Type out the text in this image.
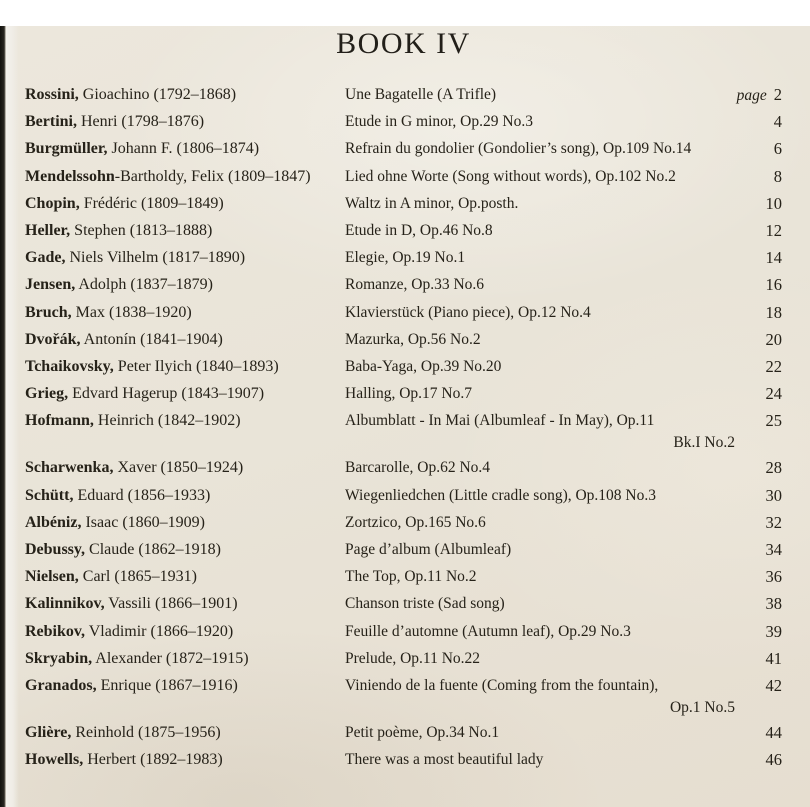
BOOK IV
Rossini, Gioachino (1792–1868)	Une Bagatelle (A Trifle)	page 2
Bertini, Henri (1798–1876)	Etude in G minor, Op.29 No.3	4
Burgmüller, Johann F. (1806–1874)	Refrain du gondolier (Gondolier’s song), Op.109 No.14	6
Mendelssohn-Bartholdy, Felix (1809–1847)	Lied ohne Worte (Song without words), Op.102 No.2	8
Chopin, Frédéric (1809–1849)	Waltz in A minor, Op.posth.	10
Heller, Stephen (1813–1888)	Etude in D, Op.46 No.8	12
Gade, Niels Vilhelm (1817–1890)	Elegie, Op.19 No.1	14
Jensen, Adolph (1837–1879)	Romanze, Op.33 No.6	16
Bruch, Max (1838–1920)	Klavierstück (Piano piece), Op.12 No.4	18
Dvořák, Antonín (1841–1904)	Mazurka, Op.56 No.2	20
Tchaikovsky, Peter Ilyich (1840–1893)	Baba-Yaga, Op.39 No.20	22
Grieg, Edvard Hagerup (1843–1907)	Halling, Op.17 No.7	24
Hofmann, Heinrich (1842–1902)	Albumblatt - In Mai (Albumleaf - In May), Op.11	25
Bk.I No.2
Scharwenka, Xaver (1850–1924)	Barcarolle, Op.62 No.4	28
Schütt, Eduard (1856–1933)	Wiegenliedchen (Little cradle song), Op.108 No.3	30
Albéniz, Isaac (1860–1909)	Zortzico, Op.165 No.6	32
Debussy, Claude (1862–1918)	Page d’album (Albumleaf)	34
Nielsen, Carl (1865–1931)	The Top, Op.11 No.2	36
Kalinnikov, Vassili (1866–1901)	Chanson triste (Sad song)	38
Rebikov, Vladimir (1866–1920)	Feuille d’automne (Autumn leaf), Op.29 No.3	39
Skryabin, Alexander (1872–1915)	Prelude, Op.11 No.22	41
Granados, Enrique (1867–1916)	Viniendo de la fuente (Coming from the fountain),	42
Op.1 No.5
Glière, Reinhold (1875–1956)	Petit poème, Op.34 No.1	44
Howells, Herbert (1892–1983)	There was a most beautiful lady	46
